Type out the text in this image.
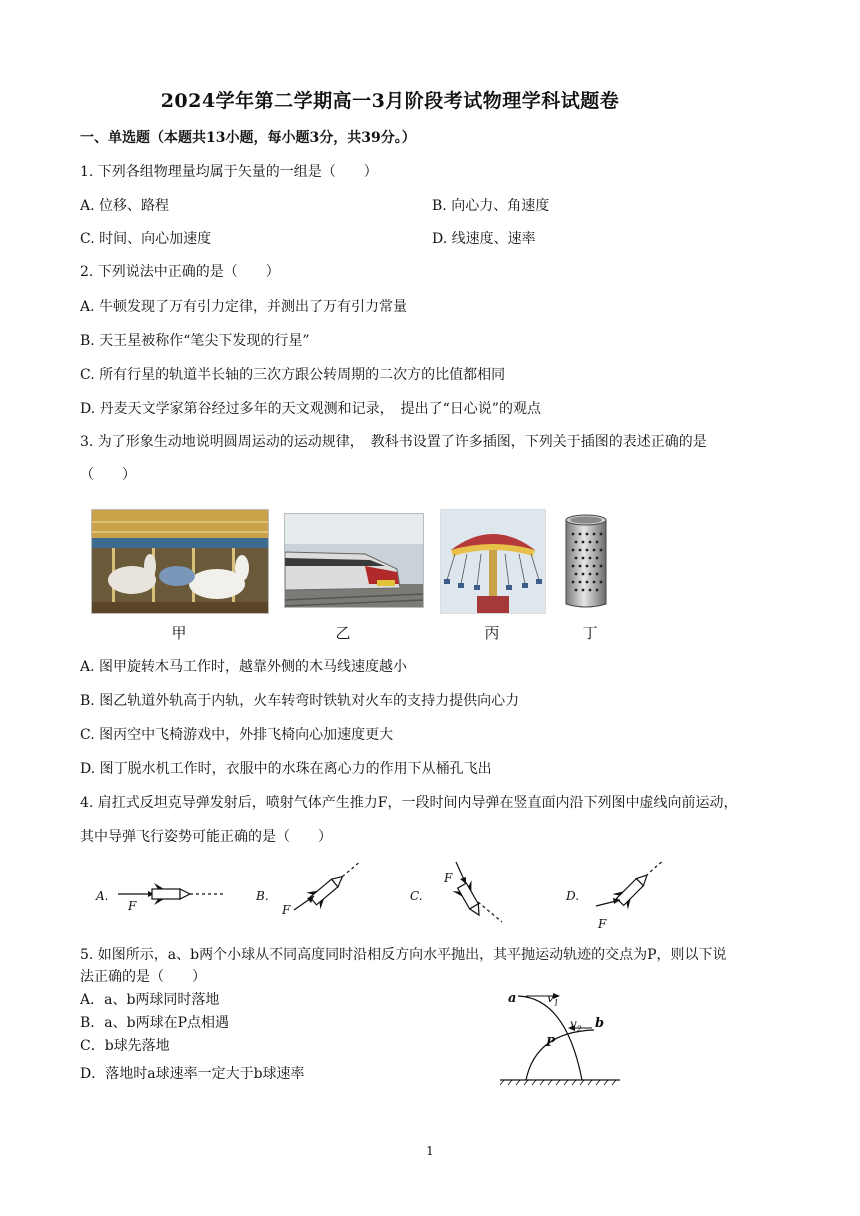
2024学年第二学期高一3月阶段考试物理学科试题卷
一、单选题（本题共13小题，每小题3分，共39分。）
1. 下列各组物理量均属于矢量的一组是（　　）
A. 位移、路程	B. 向心力、角速度
C. 时间、向心加速度	D. 线速度、速率
2. 下列说法中正确的是（　　）
A. 牛顿发现了万有引力定律，并测出了万有引力常量
B. 天王星被称作“笔尖下发现的行星”
C. 所有行星的轨道半长轴的三次方跟公转周期的二次方的比值都相同
D. 丹麦天文学家第谷经过多年的天文观测和记录，　提出了“日心说”的观点
3. 为了形象生动地说明圆周运动的运动规律，　教科书设置了许多插图，下列关于插图的表述正确的是
（　　）
甲	乙	丙	丁
A. 图甲旋转木马工作时，越靠外侧的木马线速度越小
B. 图乙轨道外轨高于内轨，火车转弯时铁轨对火车的支持力提供向心力
C. 图丙空中飞椅游戏中，外排飞椅向心加速度更大
D. 图丁脱水机工作时，衣服中的水珠在离心力的作用下从桶孔飞出
4. 肩扛式反坦克导弹发射后，喷射气体产生推力F，一段时间内导弹在竖直面内沿下列图中虚线向前运动，
其中导弹飞行姿势可能正确的是（　　）
A.
F
B.
F
C.
F
D.
F
5. 如图所示，a、b两个小球从不同高度同时沿相反方向水平抛出，其平抛运动轨迹的交点为P，则以下说
法正确的是（　　）
A．a、b两球同时落地
B．a、b两球在P点相遇
C．b球先落地
D．落地时a球速率一定大于b球速率
a	$v_1$
$v_2$ b
P
1
